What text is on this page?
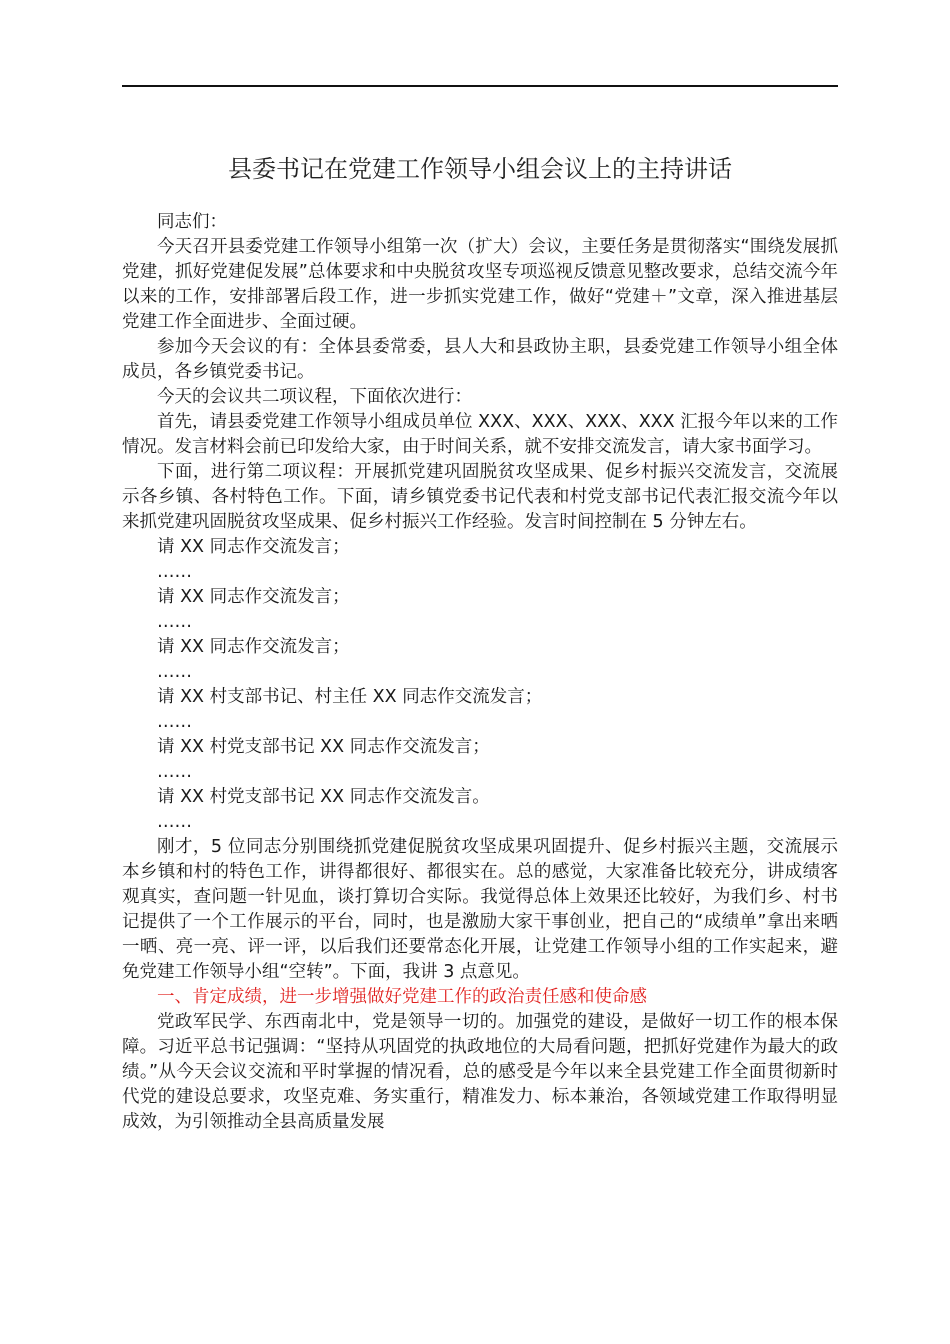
县委书记在党建工作领导小组会议上的主持讲话

同志们：

今天召开县委党建工作领导小组第一次（扩大）会议，主要任务是贯彻落实“围绕发展抓党建，抓好党建促发展”总体要求和中央脱贫攻坚专项巡视反馈意见整改要求，总结交流今年以来的工作，安排部署后段工作，进一步抓实党建工作，做好“党建＋”文章，深入推进基层党建工作全面进步、全面过硬。

参加今天会议的有：全体县委常委，县人大和县政协主职，县委党建工作领导小组全体成员，各乡镇党委书记。

今天的会议共二项议程，下面依次进行：

首先，请县委党建工作领导小组成员单位 XXX、XXX、XXX、XXX 汇报今年以来的工作情况。发言材料会前已印发给大家，由于时间关系，就不安排交流发言，请大家书面学习。

下面，进行第二项议程：开展抓党建巩固脱贫攻坚成果、促乡村振兴交流发言，交流展示各乡镇、各村特色工作。下面，请乡镇党委书记代表和村党支部书记代表汇报交流今年以来抓党建巩固脱贫攻坚成果、促乡村振兴工作经验。发言时间控制在 5 分钟左右。

请 XX 同志作交流发言；

……

请 XX 同志作交流发言；

……

请 XX 同志作交流发言；

……

请 XX 村支部书记、村主任 XX 同志作交流发言；

……

请 XX 村党支部书记 XX 同志作交流发言；

……

请 XX 村党支部书记 XX 同志作交流发言。

……

刚才，5 位同志分别围绕抓党建促脱贫攻坚成果巩固提升、促乡村振兴主题，交流展示本乡镇和村的特色工作，讲得都很好、都很实在。总的感觉，大家准备比较充分，讲成绩客观真实，查问题一针见血，谈打算切合实际。我觉得总体上效果还比较好，为我们乡、村书记提供了一个工作展示的平台，同时，也是激励大家干事创业，把自己的“成绩单”拿出来晒一晒、亮一亮、评一评，以后我们还要常态化开展，让党建工作领导小组的工作实起来，避免党建工作领导小组“空转”。下面，我讲 3 点意见。

一、肯定成绩，进一步增强做好党建工作的政治责任感和使命感

党政军民学、东西南北中，党是领导一切的。加强党的建设，是做好一切工作的根本保障。习近平总书记强调：“坚持从巩固党的执政地位的大局看问题，把抓好党建作为最大的政绩。”从今天会议交流和平时掌握的情况看，总的感受是今年以来全县党建工作全面贯彻新时代党的建设总要求，攻坚克难、务实重行，精准发力、标本兼治，各领域党建工作取得明显成效，为引领推动全县高质量发展
